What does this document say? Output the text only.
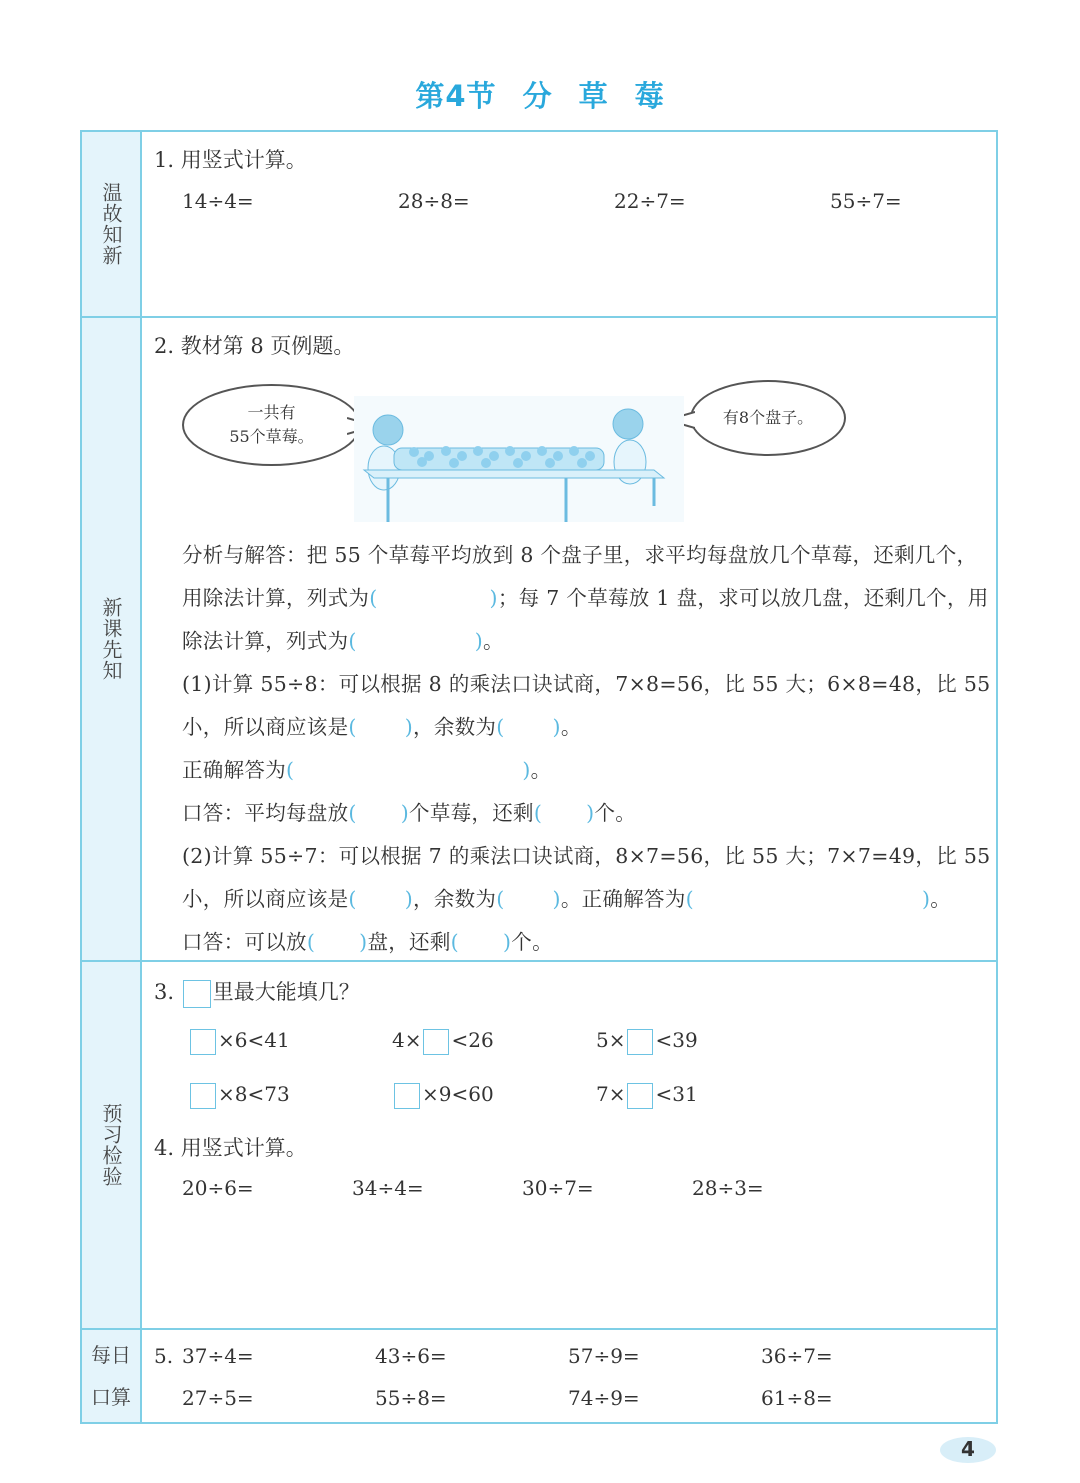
第4节 分 草 莓
温故知新
1. 用竖式计算。
14÷4=	28÷8=	22÷7=	55÷7=
新课先知
2. 教材第 8 页例题。
一共有
55个草莓。
有8个盘子。
分析与解答：把 55 个草莓平均放到 8 个盘子里，求平均每盘放几个草莓，还剩几个，
用除法计算，列式为(	)；每 7 个草莓放 1 盘，求可以放几盘，还剩几个，用
除法计算，列式为(	)。
(1)计算 55÷8：可以根据 8 的乘法口诀试商，7×8=56，比 55 大；6×8=48，比 55
小，所以商应该是( )，余数为( )。
正确解答为(	)。
口答：平均每盘放( )个草莓，还剩( )个。
(2)计算 55÷7：可以根据 7 的乘法口诀试商，8×7=56，比 55 大；7×7=49，比 55
小，所以商应该是( )，余数为( )。正确解答为(	)。
口答：可以放( )盘，还剩( )个。
预习检验
3. 里最大能填几？
×6<41	4× <26	5× <39
×8<73	×9<60	7× <31
4. 用竖式计算。
20÷6=	34÷4=	30÷7=	28÷3=
每日
口算
5. 37÷4=	43÷6=	57÷9=	36÷7=
27÷5=	55÷8=	74÷9=	61÷8=
4
